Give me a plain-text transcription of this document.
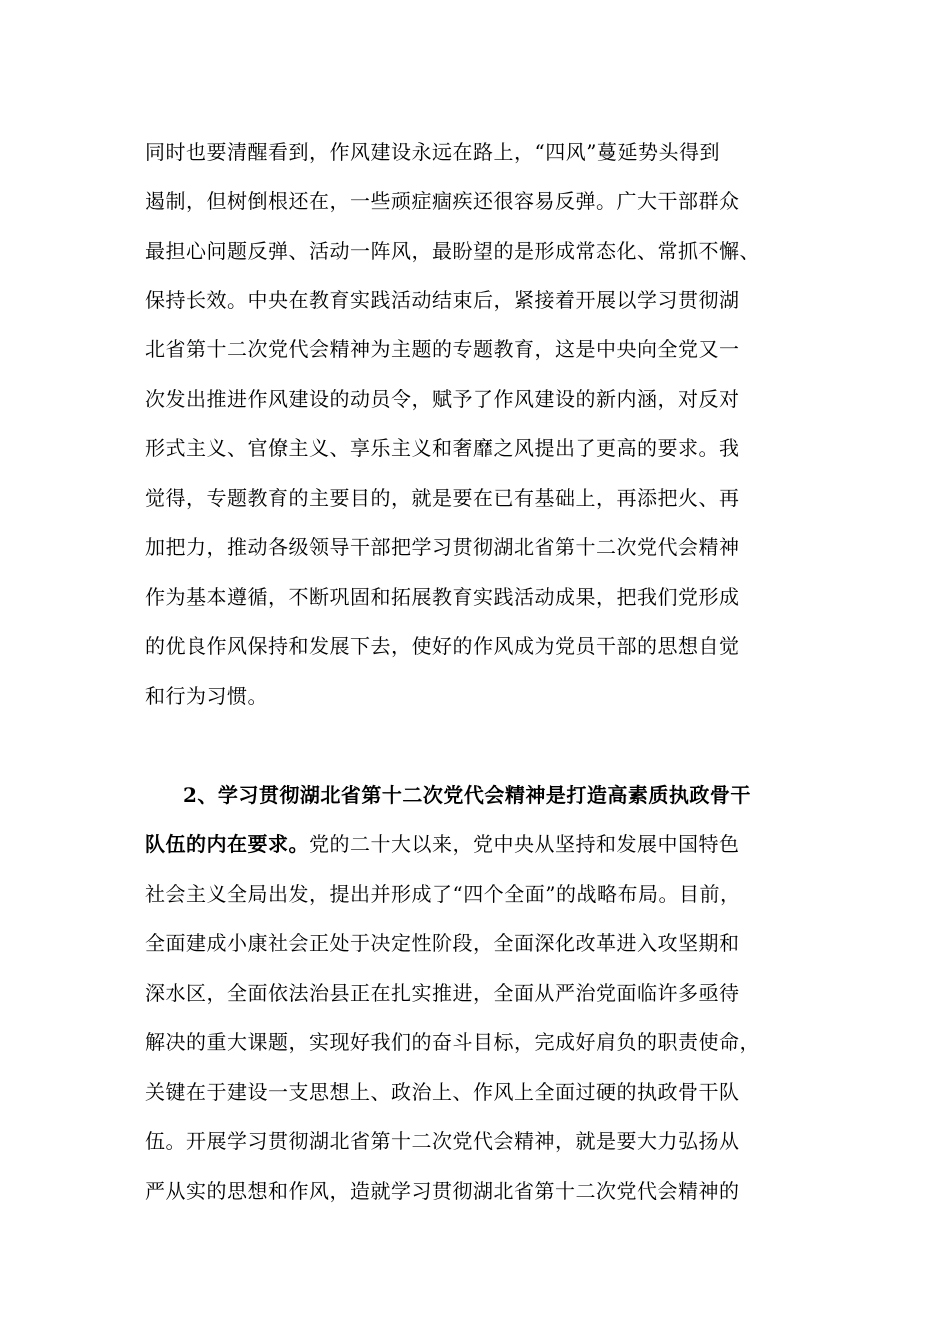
同时也要清醒看到，作风建设永远在路上，“四风”蔓延势头得到
遏制，但树倒根还在，一些顽症痼疾还很容易反弹。广大干部群众
最担心问题反弹、活动一阵风，最盼望的是形成常态化、常抓不懈、
保持长效。中央在教育实践活动结束后，紧接着开展以学习贯彻湖
北省第十二次党代会精神为主题的专题教育，这是中央向全党又一
次发出推进作风建设的动员令，赋予了作风建设的新内涵，对反对
形式主义、官僚主义、享乐主义和奢靡之风提出了更高的要求。我
觉得，专题教育的主要目的，就是要在已有基础上，再添把火、再
加把力，推动各级领导干部把学习贯彻湖北省第十二次党代会精神
作为基本遵循，不断巩固和拓展教育实践活动成果，把我们党形成
的优良作风保持和发展下去，使好的作风成为党员干部的思想自觉
和行为习惯。
2、学习贯彻湖北省第十二次党代会精神是打造高素质执政骨干
队伍的内在要求。党的二十大以来，党中央从坚持和发展中国特色
社会主义全局出发，提出并形成了“四个全面”的战略布局。目前，
全面建成小康社会正处于决定性阶段，全面深化改革进入攻坚期和
深水区，全面依法治县正在扎实推进，全面从严治党面临许多亟待
解决的重大课题，实现好我们的奋斗目标，完成好肩负的职责使命，
关键在于建设一支思想上、政治上、作风上全面过硬的执政骨干队
伍。开展学习贯彻湖北省第十二次党代会精神，就是要大力弘扬从
严从实的思想和作风，造就学习贯彻湖北省第十二次党代会精神的
